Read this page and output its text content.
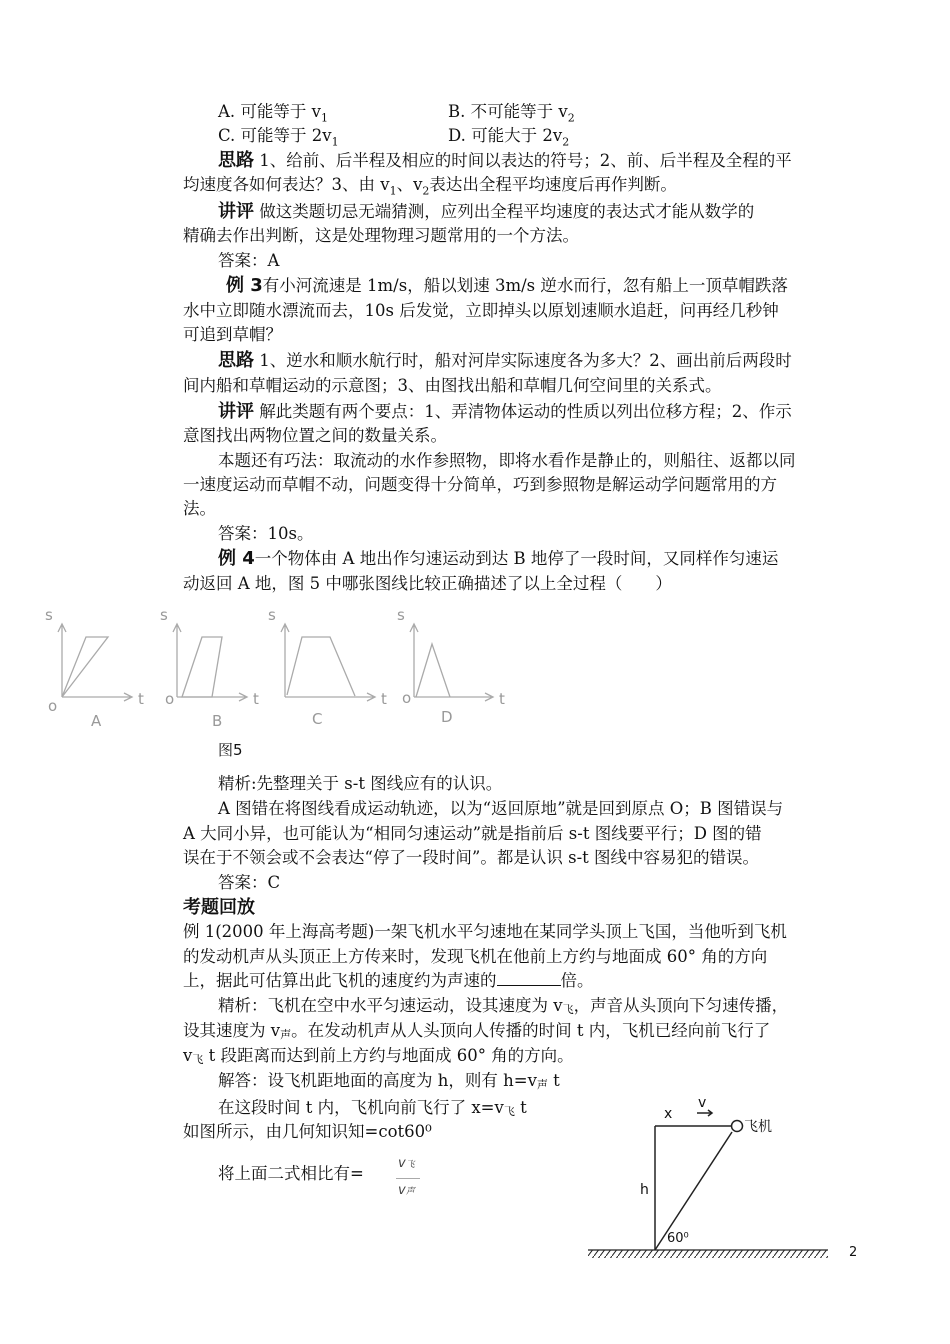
A. 可能等于 $v_1$	B. 不可能等于 $v_2$
C. 可能等于 $2v_1$	D. 可能大于 $2v_2$
思路 1、给前、后半程及相应的时间以表达的符号；2、前、后半程及全程的平
均速度各如何表达？3、由 $v_1$、$v_2$表达出全程平均速度后再作判断。
讲评 做这类题切忌无端猜测，应列出全程平均速度的表达式才能从数学的
精确去作出判断，这是处理物理习题常用的一个方法。
答案：A
例 3有小河流速是 1m/s，船以划速 3m/s 逆水而行，忽有船上一顶草帽跌落
水中立即随水漂流而去，10s 后发觉，立即掉头以原划速顺水追赶，问再经几秒钟
可追到草帽？
思路 1、逆水和顺水航行时，船对河岸实际速度各为多大？2、画出前后两段时
间内船和草帽运动的示意图；3、由图找出船和草帽几何空间里的关系式。
讲评 解此类题有两个要点：1、弄清物体运动的性质以列出位移方程；2、作示
意图找出两物位置之间的数量关系。
本题还有巧法：取流动的水作参照物，即将水看作是静止的，则船往、返都以同
一速度运动而草帽不动，问题变得十分简单，巧到参照物是解运动学问题常用的方
法。
答案：10s。
例 4一个物体由 A 地出作匀速运动到达 B 地停了一段时间，又同样作匀速运
动返回 A 地，图 5 中哪张图线比较正确描述了以上全过程（　　）
s
t
o
A
s
t
o
B
s
t
C
s
t
o
D
图5
精析:先整理关于 s-t 图线应有的认识。
A 图错在将图线看成运动轨迹，以为“返回原地”就是回到原点 O；B 图错误与
A 大同小异，也可能认为“相同匀速运动”就是指前后 s-t 图线要平行；D 图的错
误在于不领会或不会表达“停了一段时间”。都是认识 s-t 图线中容易犯的错误。
答案：C
考题回放
例 1(2000 年上海高考题)一架飞机水平匀速地在某同学头顶上飞国，当他听到飞机
的发动机声从头顶正上方传来时，发现飞机在他前上方约与地面成 60° 角的方向
上，据此可估算出此飞机的速度约为声速的	倍。
精析：飞机在空中水平匀速运动，设其速度为 v飞，声音从头顶向下匀速传播，
设其速度为 v声。在发动机声从人头顶向人传播的时间 t 内，飞机已经向前飞行了
v飞 t 段距离而达到前上方约与地面成 60° 角的方向。
解答：设飞机距地面的高度为 h，则有 h=v声 t
在这段时间 t 内，飞机向前飞行了 x=v飞 t
如图所示，由几何知识知=cot60⁰
将上面二式相比有=
v飞
v声
x
v
飞机
h
60⁰
2
